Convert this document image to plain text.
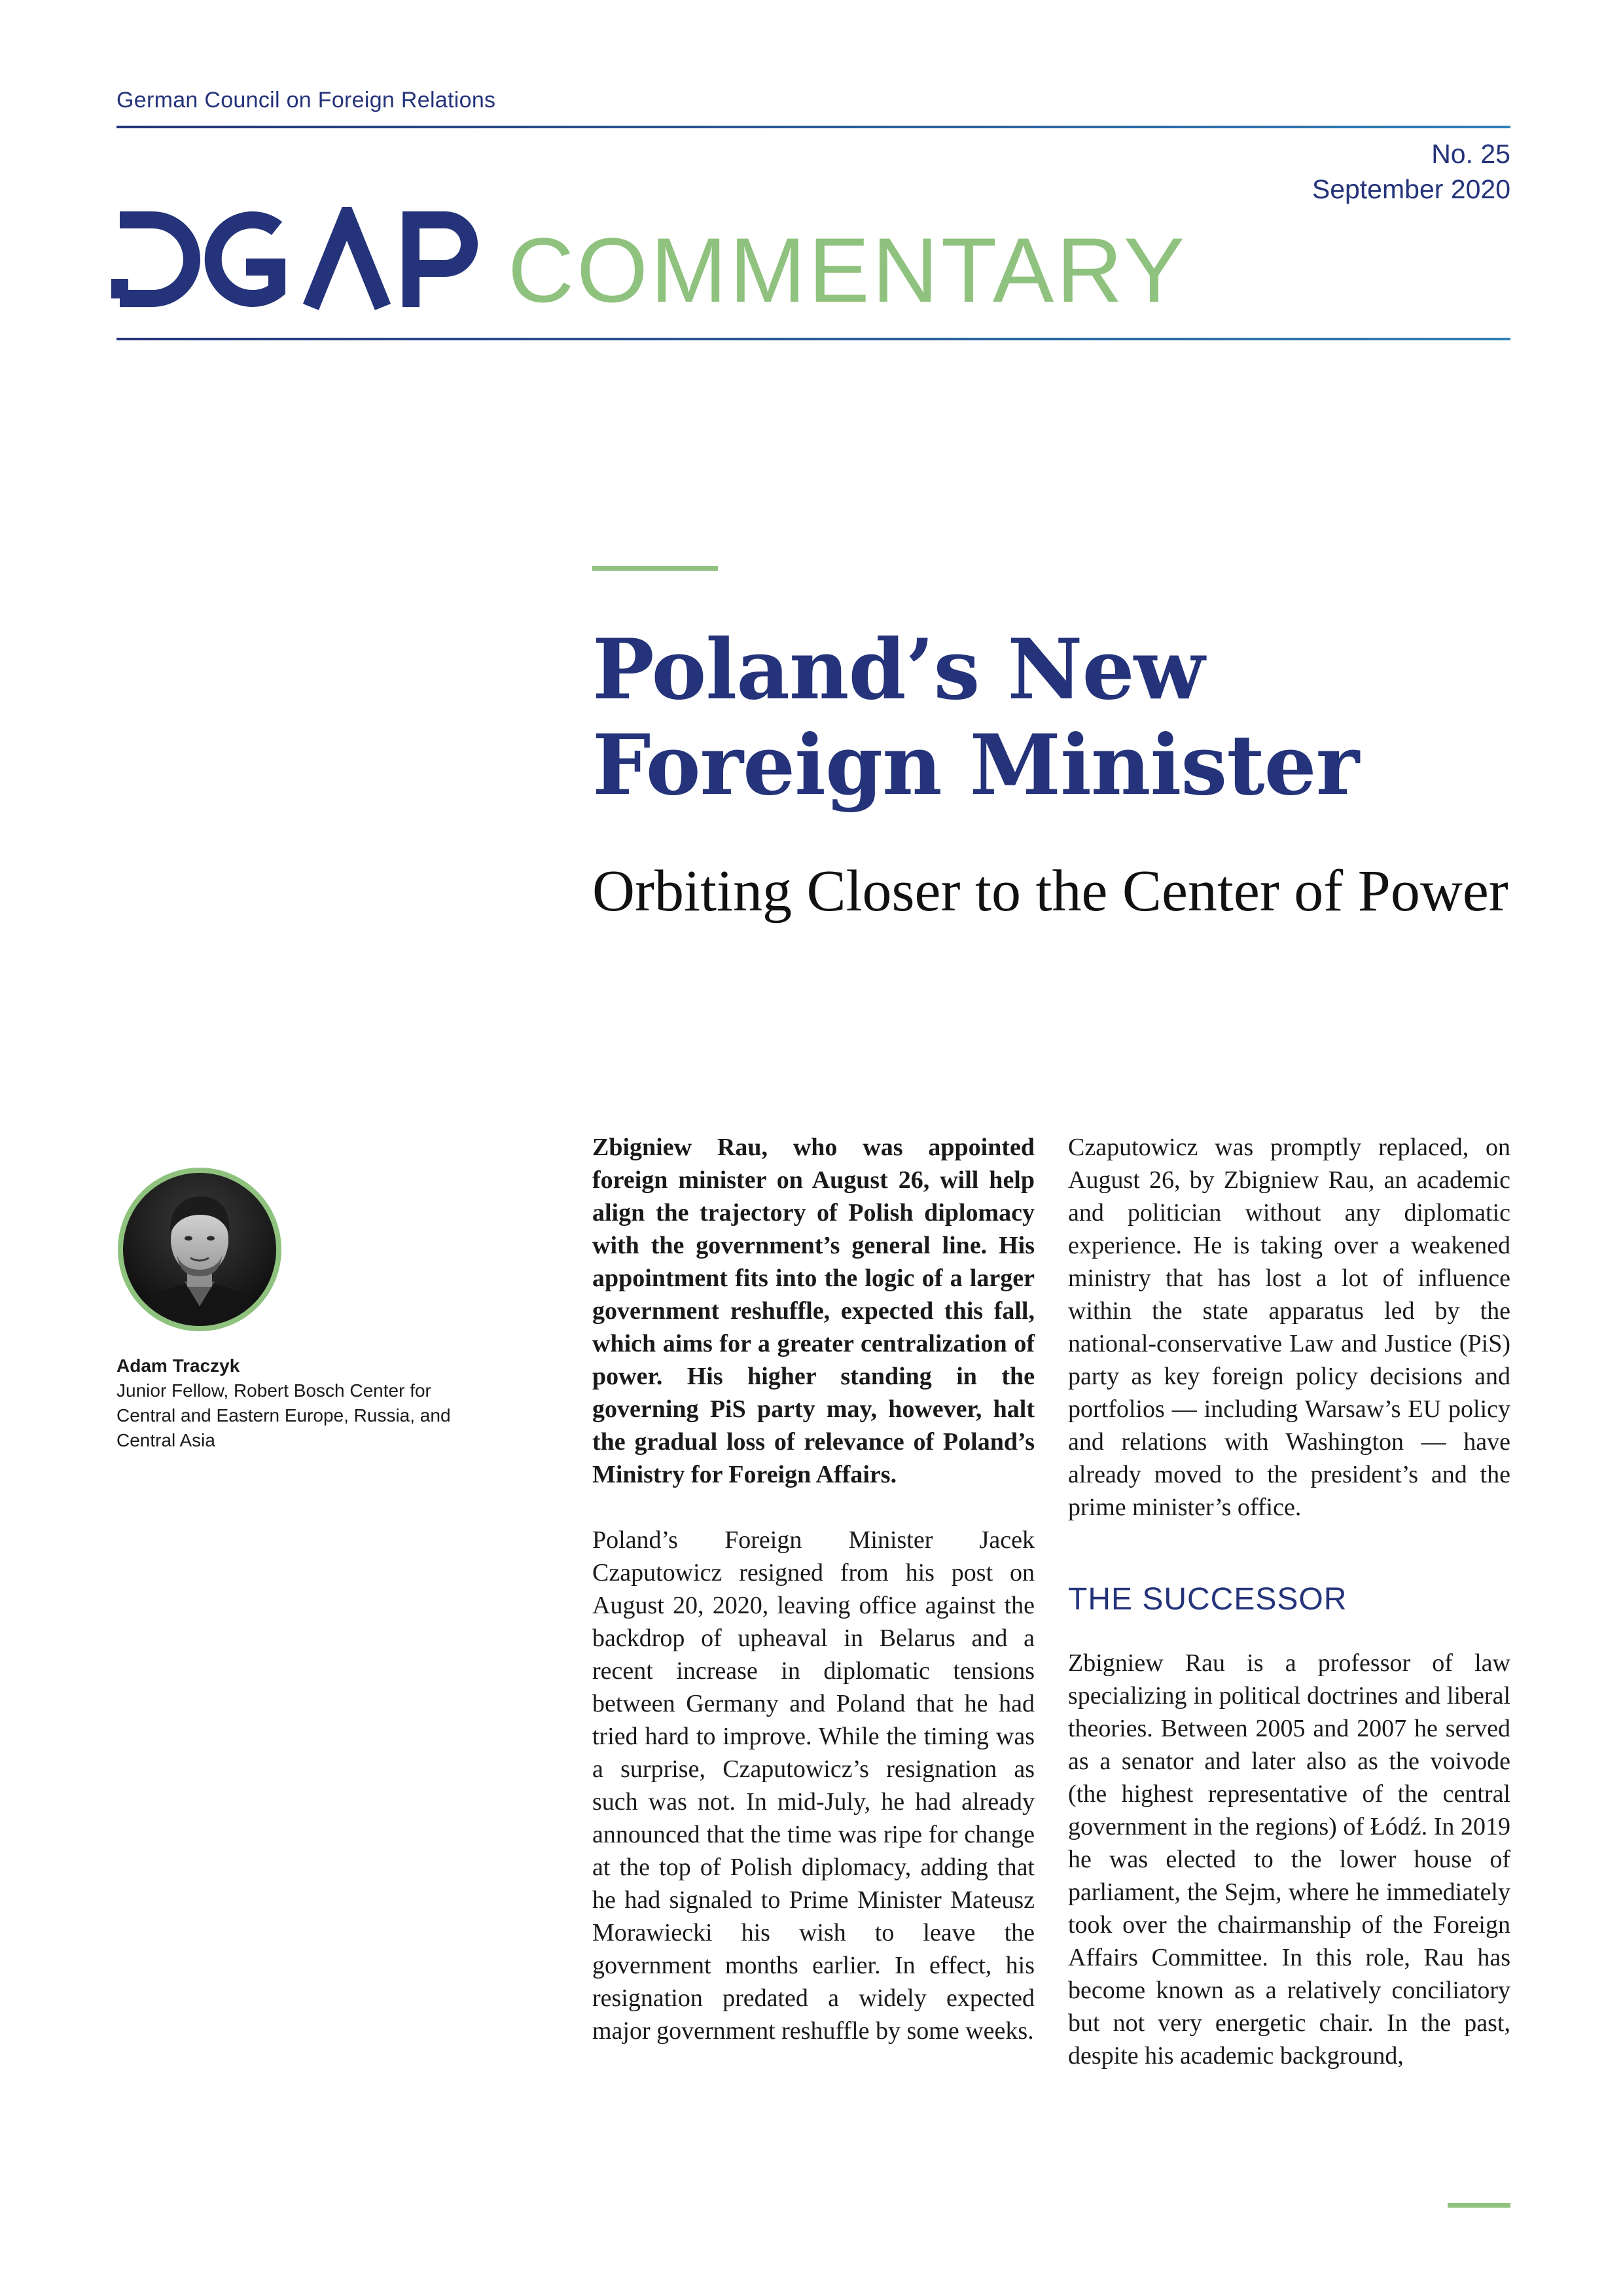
German Council on Foreign Relations
No. 25
September 2020
COMMENTARY
Poland’s New
Foreign Minister

Orbiting Closer to the Center of Power

Adam Traczyk
Junior Fellow, Robert Bosch Center for Central and Eastern Europe, Russia, and Central Asia

Zbigniew Rau, who was appointed foreign minister on August 26, will help align the trajectory of Polish diplomacy with the government’s general line. His appointment fits into the logic of a larger government reshuffle, expected this fall, which aims for a greater centralization of power. His higher standing in the governing PiS party may, however, halt the gradual loss of relevance of Poland’s Ministry for Foreign Affairs.

Poland’s Foreign Minister Jacek Czaputowicz resigned from his post on August 20, 2020, leaving office against the backdrop of upheaval in Belarus and a recent increase in diplomatic tensions between Germany and Poland that he had tried hard to improve. While the timing was a surprise, Czaputowicz’s resignation as such was not. In mid-July, he had already announced that the time was ripe for change at the top of Polish diplomacy, adding that he had signaled to Prime Minister Mateusz Morawiecki his wish to leave the government months earlier. In effect, his resignation predated a widely expected major government reshuffle by some weeks.

Czaputowicz was promptly replaced, on August 26, by Zbigniew Rau, an academic and politician without any diplomatic experience. He is taking over a weakened ministry that has lost a lot of influence within the state apparatus led by the national-conservative Law and Justice (PiS) party as key foreign policy decisions and portfolios — including Warsaw’s EU policy and relations with Washington — have already moved to the president’s and the prime minister’s office.

THE SUCCESSOR

Zbigniew Rau is a professor of law specializing in political doctrines and liberal theories. Between 2005 and 2007 he served as a senator and later also as the voivode (the highest representative of the central government in the regions) of Łódź. In 2019 he was elected to the lower house of parliament, the Sejm, where he immediately took over the chairmanship of the Foreign Affairs Committee. In this role, Rau has become known as a relatively conciliatory but not very energetic chair. In the past, despite his academic background,
